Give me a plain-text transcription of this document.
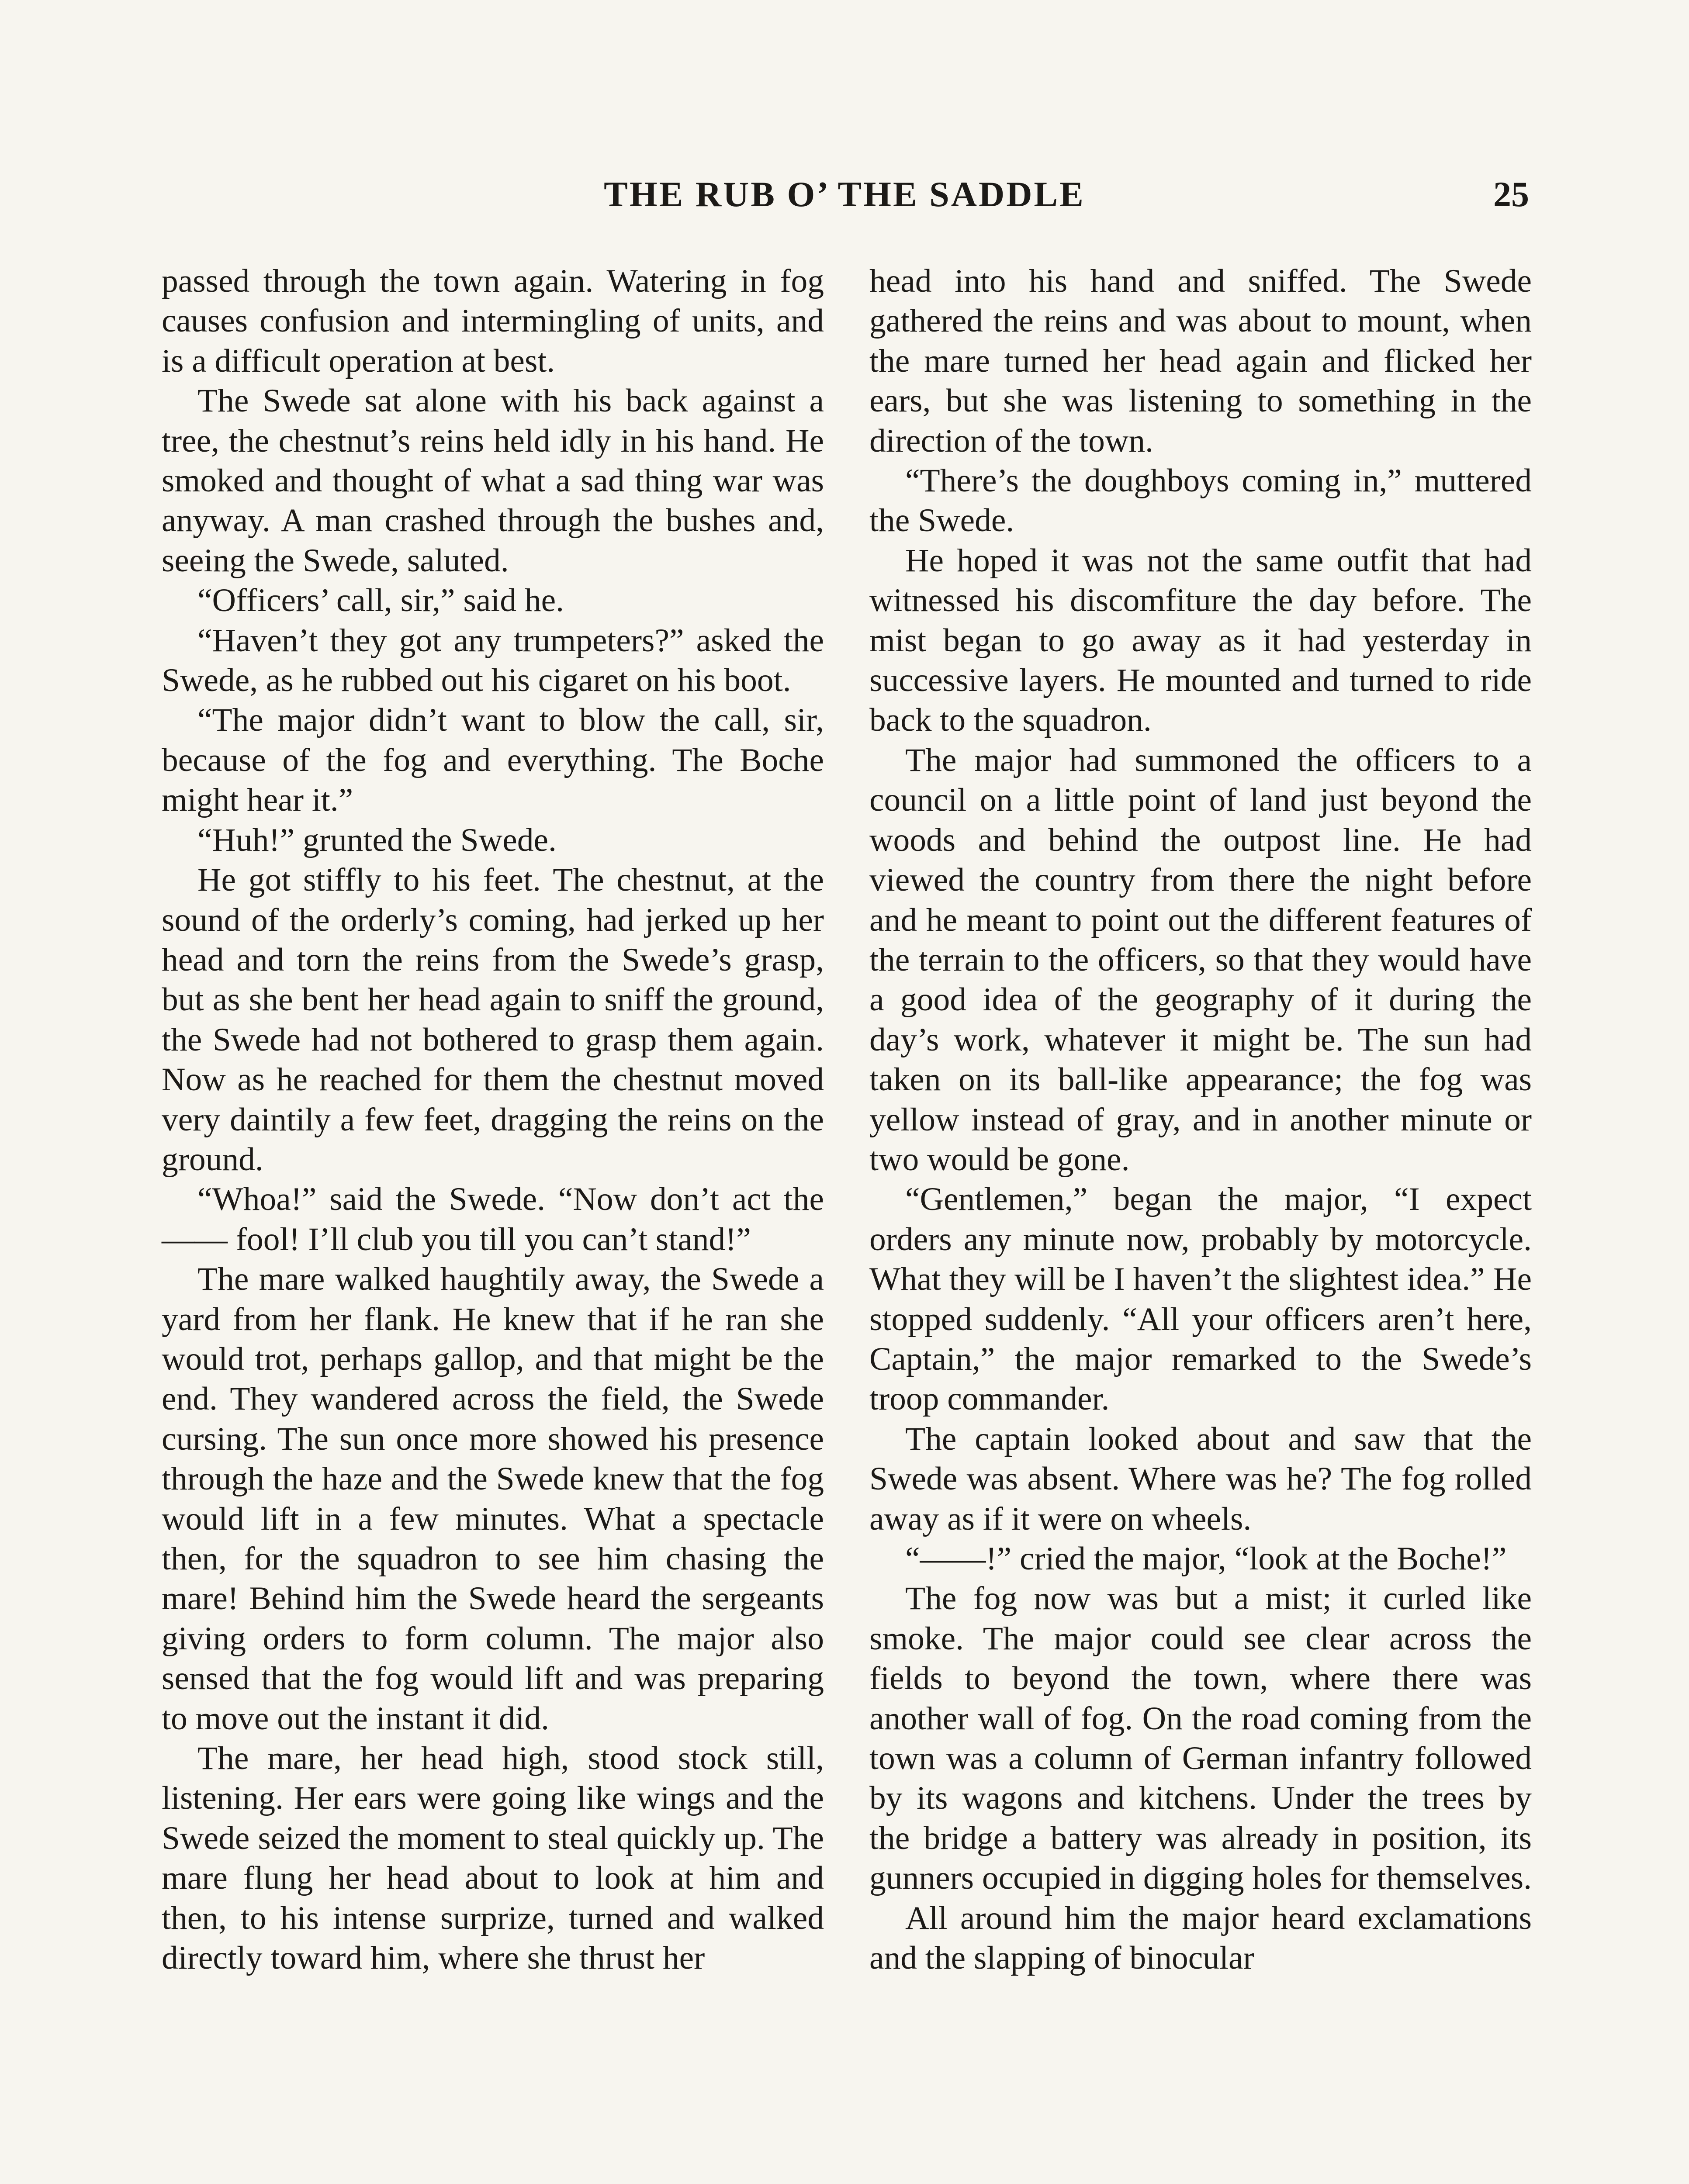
THE RUB O’ THE SADDLE	25

passed through the town again. Watering in fog causes confusion and intermingling of units, and is a difficult operation at best.

The Swede sat alone with his back against a tree, the chestnut’s reins held idly in his hand. He smoked and thought of what a sad thing war was anyway. A man crashed through the bushes and, seeing the Swede, saluted.

“Officers’ call, sir,” said he.

“Haven’t they got any trumpeters?” asked the Swede, as he rubbed out his cigaret on his boot.

“The major didn’t want to blow the call, sir, because of the fog and everything. The Boche might hear it.”

“Huh!” grunted the Swede.

He got stiffly to his feet. The chestnut, at the sound of the orderly’s coming, had jerked up her head and torn the reins from the Swede’s grasp, but as she bent her head again to sniff the ground, the Swede had not bothered to grasp them again. Now as he reached for them the chestnut moved very daintily a few feet, dragging the reins on the ground.

“Whoa!” said the Swede. “Now don’t act the —— fool! I’ll club you till you can’t stand!”

The mare walked haughtily away, the Swede a yard from her flank. He knew that if he ran she would trot, perhaps gallop, and that might be the end. They wandered across the field, the Swede cursing. The sun once more showed his presence through the haze and the Swede knew that the fog would lift in a few minutes. What a spectacle then, for the squadron to see him chasing the mare! Behind him the Swede heard the sergeants giving orders to form column. The major also sensed that the fog would lift and was preparing to move out the instant it did.

The mare, her head high, stood stock still, listening. Her ears were going like wings and the Swede seized the moment to steal quickly up. The mare flung her head about to look at him and then, to his intense surprize, turned and walked directly toward him, where she thrust her

head into his hand and sniffed. The Swede gathered the reins and was about to mount, when the mare turned her head again and flicked her ears, but she was listening to something in the direction of the town.

“There’s the doughboys coming in,” muttered the Swede.

He hoped it was not the same outfit that had witnessed his discomfiture the day before. The mist began to go away as it had yesterday in successive layers. He mounted and turned to ride back to the squadron.

The major had summoned the officers to a council on a little point of land just beyond the woods and behind the outpost line. He had viewed the country from there the night before and he meant to point out the different features of the terrain to the officers, so that they would have a good idea of the geography of it during the day’s work, whatever it might be. The sun had taken on its ball-like appearance; the fog was yellow instead of gray, and in another minute or two would be gone.

“Gentlemen,” began the major, “I expect orders any minute now, probably by motorcycle. What they will be I haven’t the slightest idea.” He stopped suddenly. “All your officers aren’t here, Captain,” the major remarked to the Swede’s troop commander.

The captain looked about and saw that the Swede was absent. Where was he? The fog rolled away as if it were on wheels.

“——!” cried the major, “look at the Boche!”

The fog now was but a mist; it curled like smoke. The major could see clear across the fields to beyond the town, where there was another wall of fog. On the road coming from the town was a column of German infantry followed by its wagons and kitchens. Under the trees by the bridge a battery was already in position, its gunners occupied in digging holes for themselves.

All around him the major heard exclamations and the slapping of binocular
